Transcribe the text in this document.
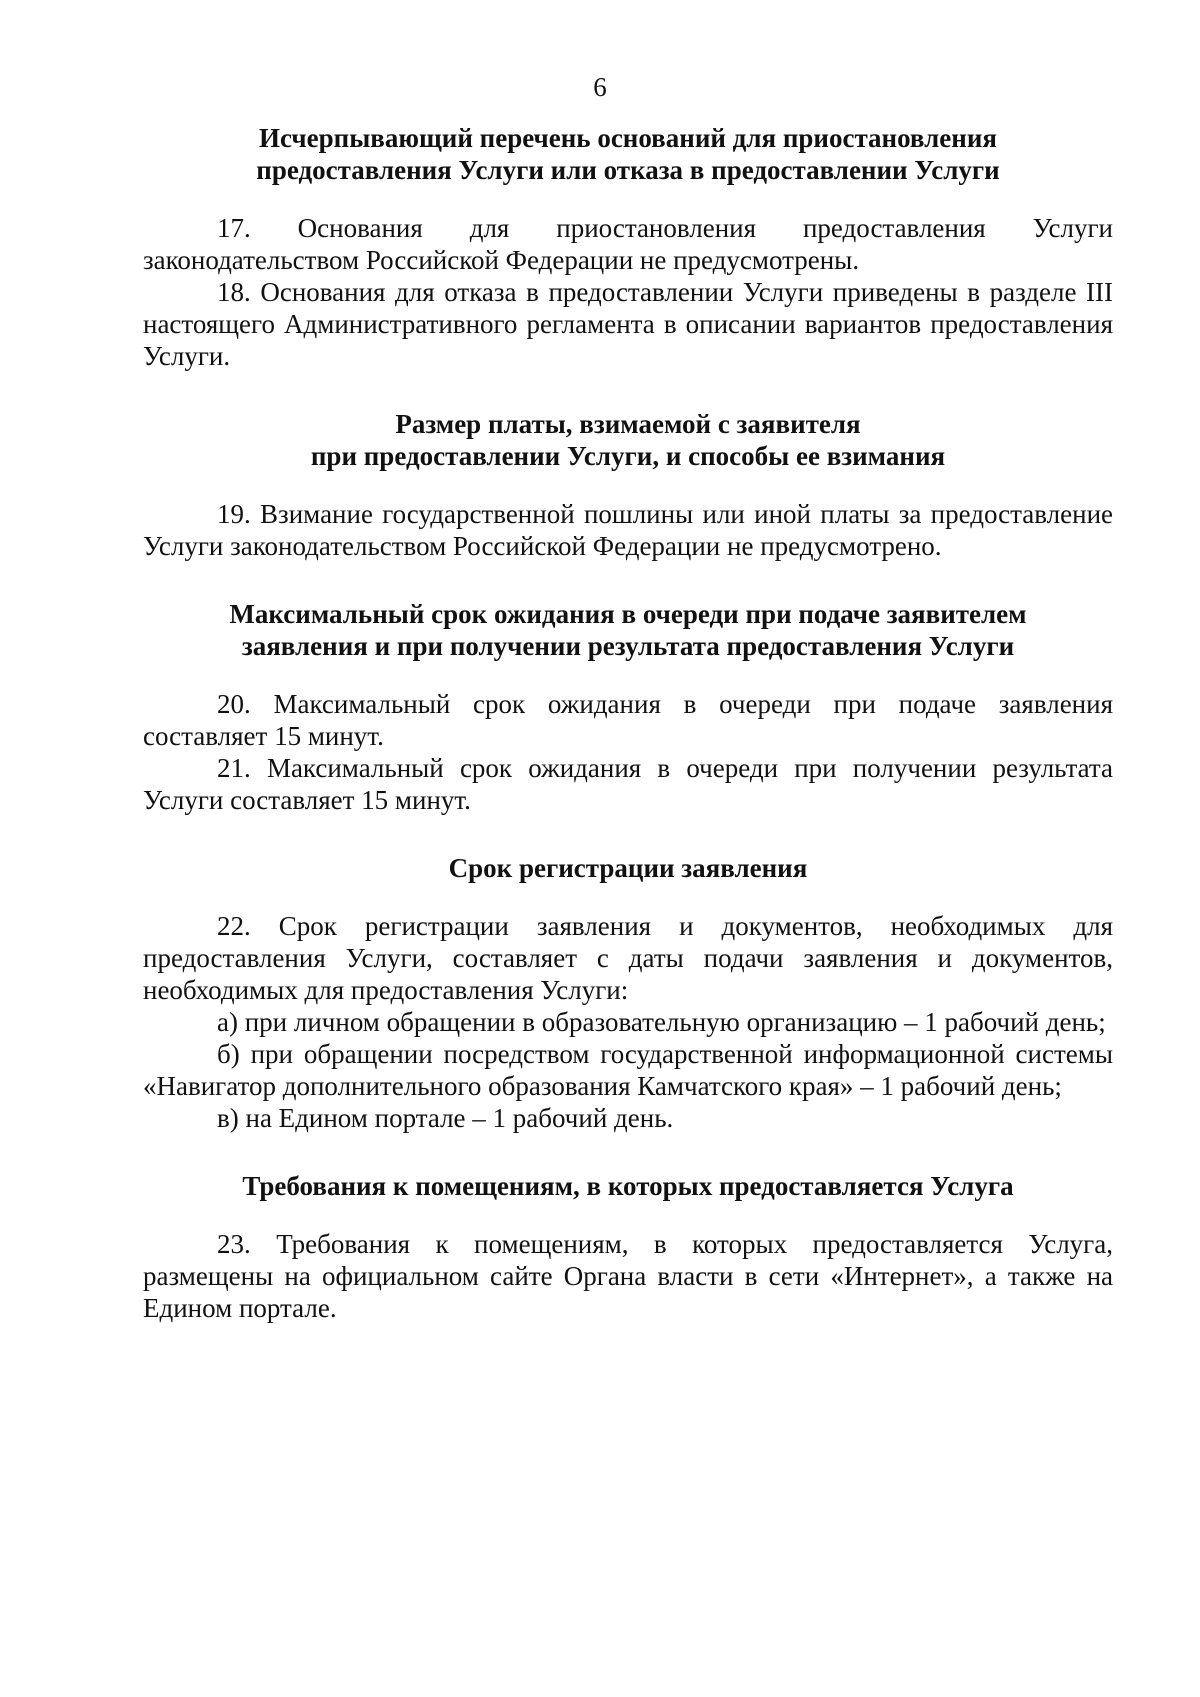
6
Исчерпывающий перечень оснований для приостановления
предоставления Услуги или отказа в предоставлении Услуги

17. Основания для приостановления предоставления Услуги законодательством Российской Федерации не предусмотрены.

18. Основания для отказа в предоставлении Услуги приведены в разделе III настоящего Административного регламента в описании вариантов предоставления Услуги.

Размер платы, взимаемой с заявителя
при предоставлении Услуги, и способы ее взимания

19. Взимание государственной пошлины или иной платы за предоставление Услуги законодательством Российской Федерации не предусмотрено.

Максимальный срок ожидания в очереди при подаче заявителем
заявления и при получении результата предоставления Услуги

20. Максимальный срок ожидания в очереди при подаче заявления составляет 15 минут.

21. Максимальный срок ожидания в очереди при получении результата Услуги составляет 15 минут.

Срок регистрации заявления

22. Срок регистрации заявления и документов, необходимых для предоставления Услуги, составляет с даты подачи заявления и документов, необходимых для предоставления Услуги:

а) при личном обращении в образовательную организацию – 1 рабочий день;

б) при обращении посредством государственной информационной системы «Навигатор дополнительного образования Камчатского края» – 1 рабочий день;

в) на Едином портале – 1 рабочий день.

Требования к помещениям, в которых предоставляется Услуга

23. Требования к помещениям, в которых предоставляется Услуга, размещены на официальном сайте Органа власти в сети «Интернет», а также на Едином портале.
